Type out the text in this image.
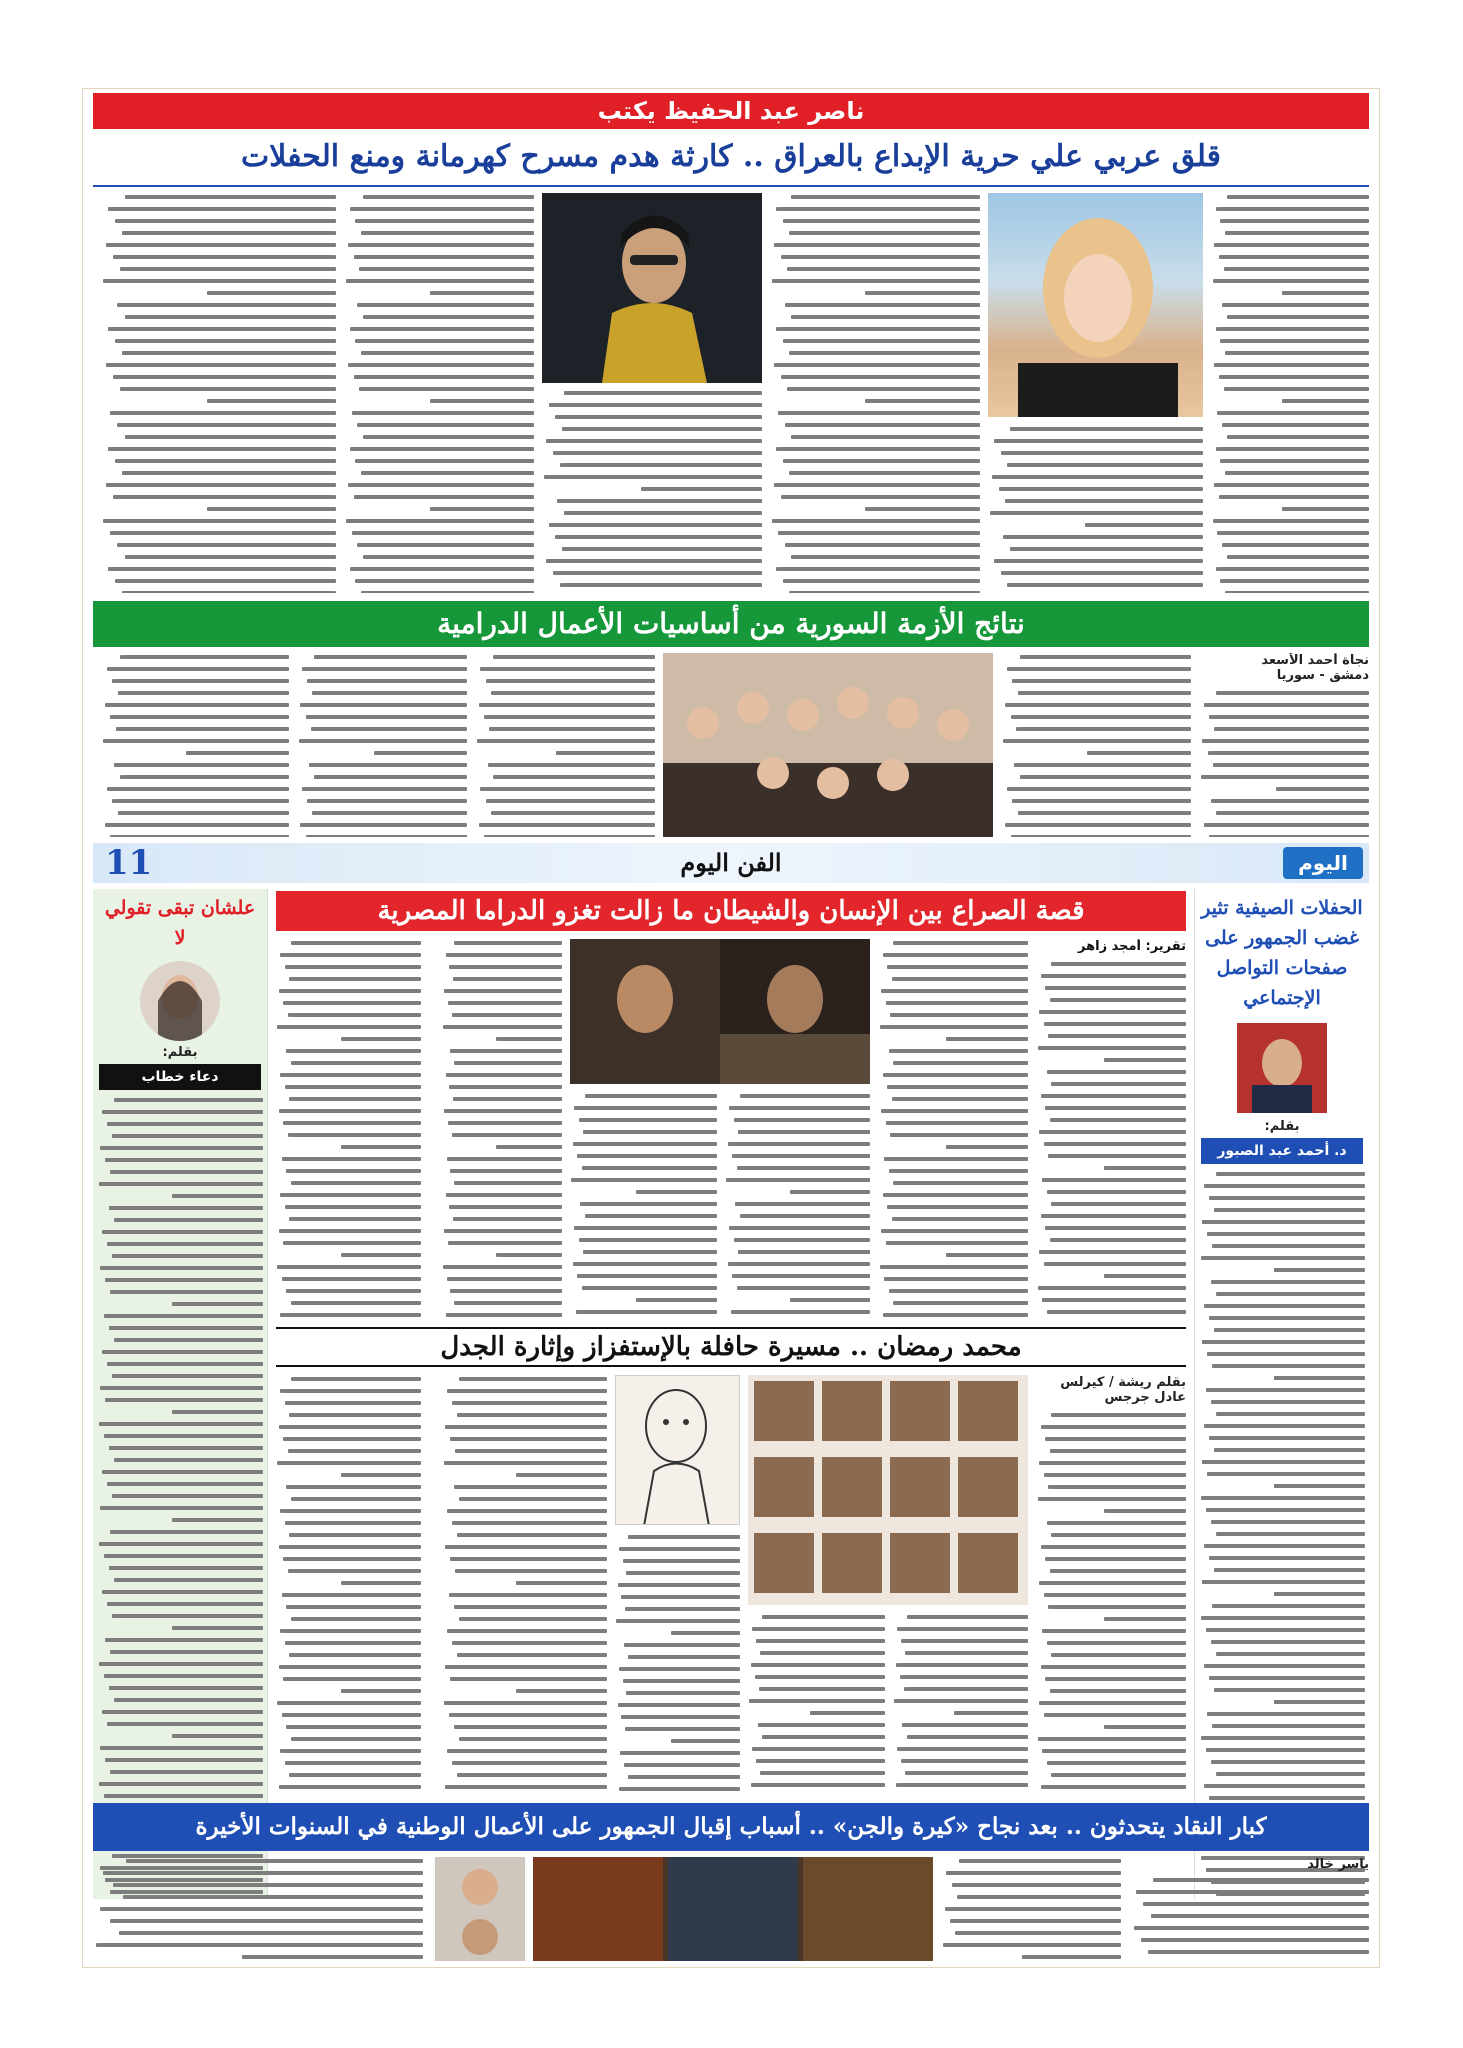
ناصر عبد الحفيظ يكتب
قلق عربي علي حرية الإبداع بالعراق .. كارثة هدم مسرح كهرمانة ومنع الحفلات
نتائج الأزمة السورية من أساسيات الأعمال الدرامية
نجاة أحمد الأسعد
دمشق - سوريا
11	الفن اليوم	اليوم
الحفلات الصيفية تثير غضب الجمهور على صفحات التواصل الإجتماعي
بقلم:
د. أحمد عبد الصبور
علشان تبقى تقولي لا
بقلم:
دعاء خطاب
قصة الصراع بين الإنسان والشيطان ما زالت تغزو الدراما المصرية
تقرير: أمجد زاهر
محمد رمضان .. مسيرة حافلة بالإستفزاز وإثارة الجدل
بقلم ريشة / كيرلس عادل جرجس
كبار النقاد يتحدثون .. بعد نجاح «كيرة والجن» .. أسباب إقبال الجمهور على الأعمال الوطنية في السنوات الأخيرة
ياسر خالد
